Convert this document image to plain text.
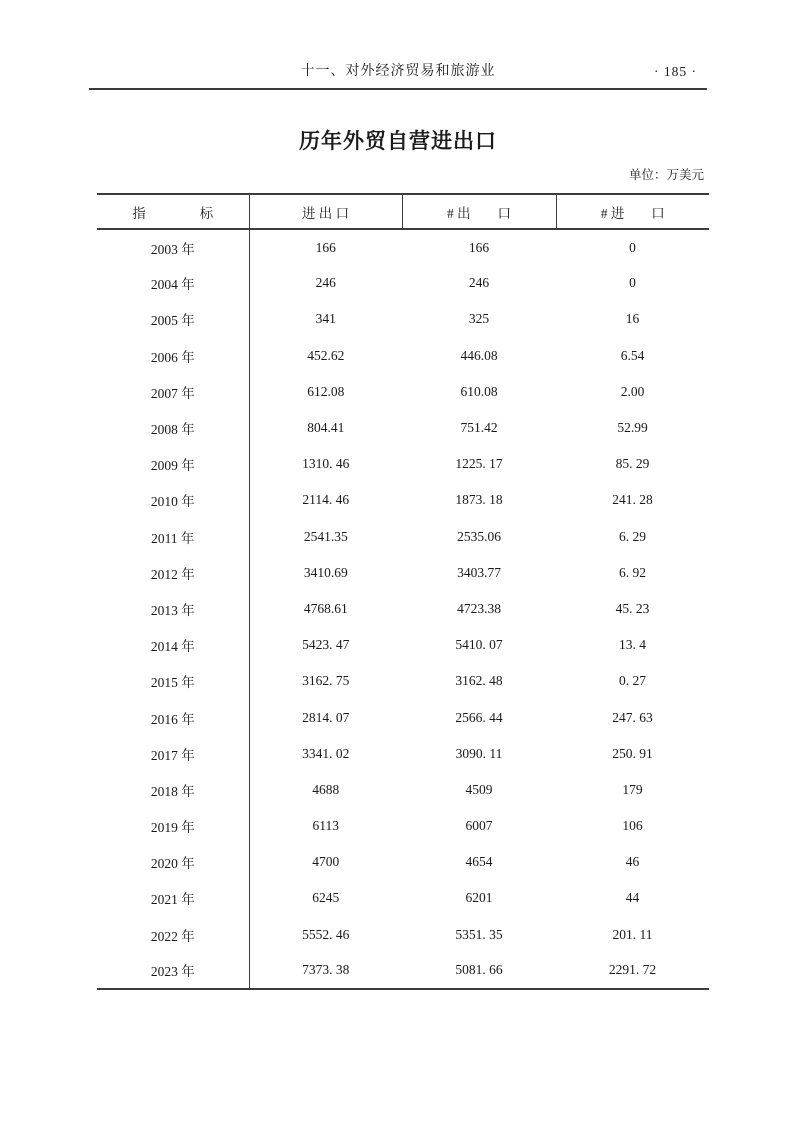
十一、对外经济贸易和旅游业	· 185 ·
历年外贸自营进出口
单位：万美元
指　　　　标	进 出 口	# 出　　口	# 进　　口
2003 年	166	166	0
2004 年	246	246	0
2005 年	341	325	16
2006 年	452.62	446.08	6.54
2007 年	612.08	610.08	2.00
2008 年	804.41	751.42	52.99
2009 年	1310. 46	1225. 17	85. 29
2010 年	2114. 46	1873. 18	241. 28
2011 年	2541.35	2535.06	6. 29
2012 年	3410.69	3403.77	6. 92
2013 年	4768.61	4723.38	45. 23
2014 年	5423. 47	5410. 07	13. 4
2015 年	3162. 75	3162. 48	0. 27
2016 年	2814. 07	2566. 44	247. 63
2017 年	3341. 02	3090. 11	250. 91
2018 年	4688	4509	179
2019 年	6113	6007	106
2020 年	4700	4654	46
2021 年	6245	6201	44
2022 年	5552. 46	5351. 35	201. 11
2023 年	7373. 38	5081. 66	2291. 72
